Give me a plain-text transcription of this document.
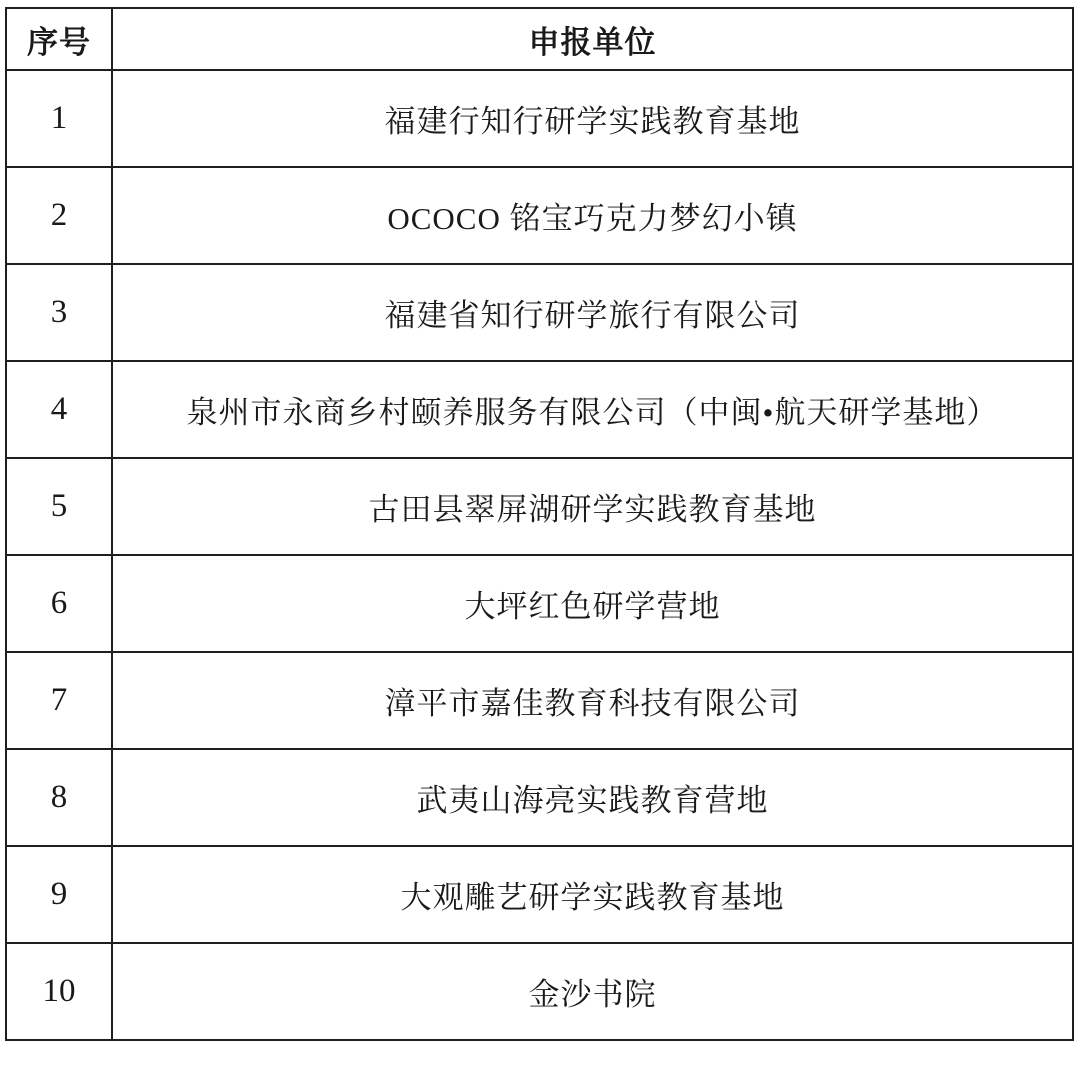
序号	申报单位
1	福建行知行研学实践教育基地
2	OCOCO 铭宝巧克力梦幻小镇
3	福建省知行研学旅行有限公司
4	泉州市永商乡村颐养服务有限公司（中闽•航天研学基地）
5	古田县翠屏湖研学实践教育基地
6	大坪红色研学营地
7	漳平市嘉佳教育科技有限公司
8	武夷山海亮实践教育营地
9	大观雕艺研学实践教育基地
10	金沙书院
